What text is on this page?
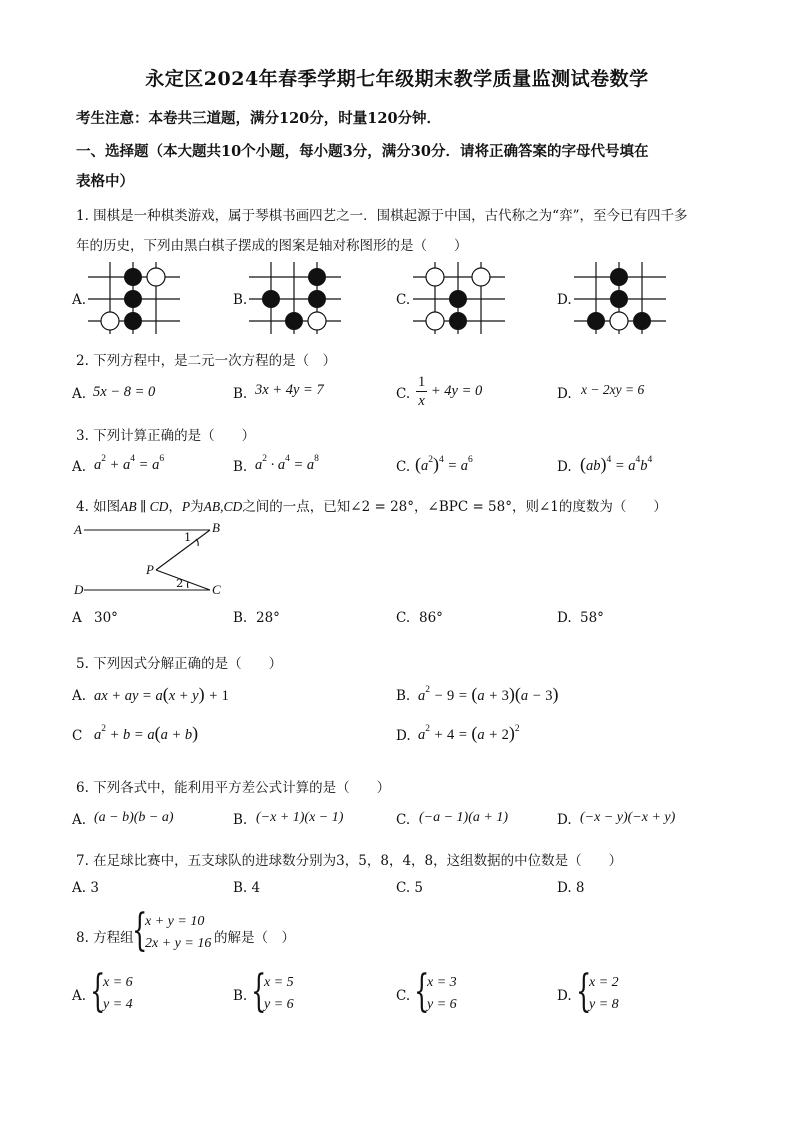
永定区2024年春季学期七年级期末教学质量监测试卷数学
考生注意：本卷共三道题，满分120分，时量120分钟．
一、选择题（本大题共10个小题，每小题3分，满分30分．请将正确答案的字母代号填在
表格中）
1. 围棋是一种棋类游戏，属于琴棋书画四艺之一．围棋起源于中国，古代称之为“弈”，至今已有四千多
年的历史，下列由黑白棋子摆成的图案是轴对称图形的是（　　）
A.	B.	C.	D.
2. 下列方程中，是二元一次方程的是（　）
A. 5x − 8 = 0	B. 3x + 4y = 7	C. $\frac{1}{x} + 4y = 0$	D. x − 2xy = 6
3. 下列计算正确的是（　　）
A. $a^2 + a^4 = a^6$	B. $a^2 \cdot a^4 = a^8$	C. $(a^2)^4 = a^6$	D. $(ab)^4 = a^4b^4$
4. 如图AB ∥ CD，P为AB,CD之间的一点，已知∠2 = 28°，∠BPC = 58°，则∠1的度数为（　　）
A	B
D	C
P
1
2
A 30°	B. 28°	C. 86°	D. 58°
5. 下列因式分解正确的是（　　）
A. ax + ay = a(x + y) + 1	B. $a^2 - 9 = (a + 3)(a - 3)$
C $a^2 + b = a(a + b)$	D. $a^2 + 4 = (a + 2)^2$
6. 下列各式中，能利用平方差公式计算的是（　　）
A. (a − b)(b − a)	B. (−x + 1)(x − 1)	C. (−a − 1)(a + 1)	D. (−x − y)(−x + y)
7. 在足球比赛中，五支球队的进球数分别为3，5，8，4，8，这组数据的中位数是（　　）
A. 3	B. 4	C. 5	D. 8
8. 方程组
{
x + y = 10
2x + y = 16 的解是（　）
A. {
x = 6
y = 4
B. {
x = 5
y = 6
C. {
x = 3
y = 6
D. {
x = 2
y = 8
